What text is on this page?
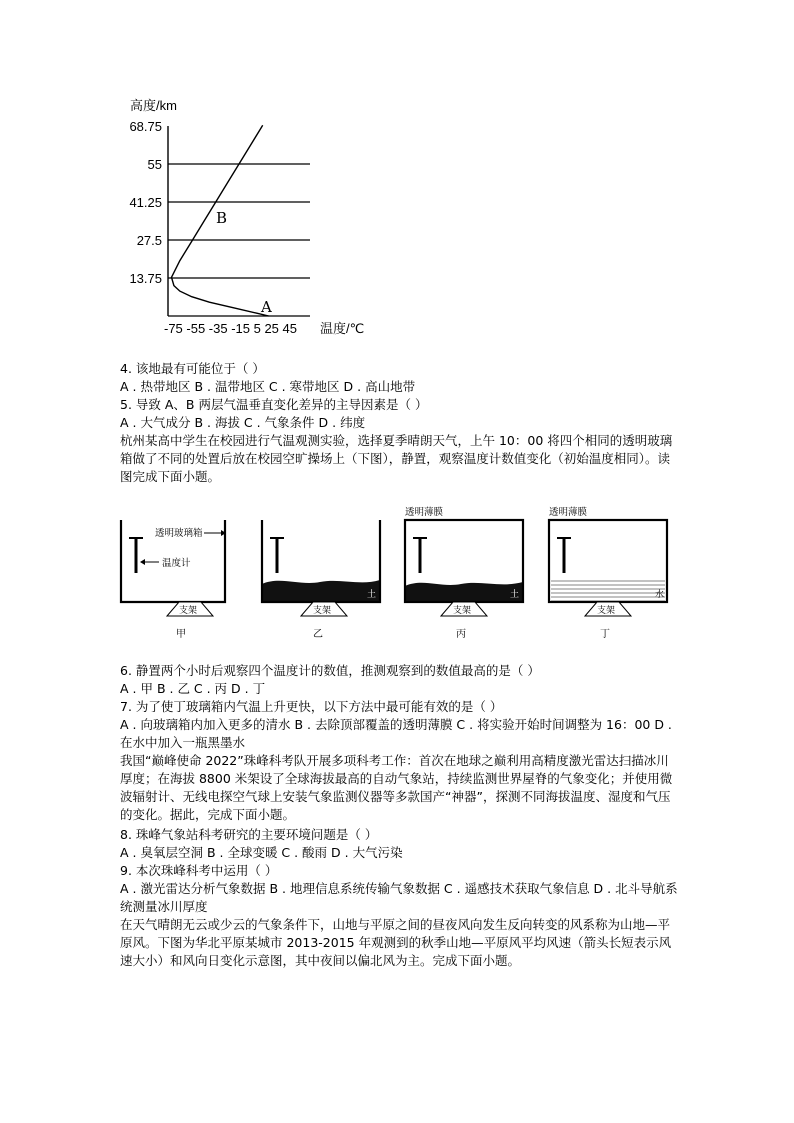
高度/km
68.75
55
41.25
27.5
13.75
B
A
-75 -55 -35 -15 5 25 45 温度/℃
4. 该地最有可能位于（ ）
A . 热带地区 B . 温带地区 C . 寒带地区 D . 高山地带
5. 导致 A、B 两层气温垂直变化差异的主导因素是（ ）
A . 大气成分 B . 海拔 C . 气象条件 D . 纬度
杭州某高中学生在校园进行气温观测实验，选择夏季晴朗天气，上午 10：00 将四个相同的透明玻璃箱做了不同的处置后放在校园空旷操场上（下图），静置，观察温度计数值变化（初始温度相同）。读图完成下面小题。
透明玻璃箱
温度计
支架
甲
土
支架
乙
透明薄膜
土
支架
丙
透明薄膜
水
支架
丁
6. 静置两个小时后观察四个温度计的数值，推测观察到的数值最高的是（ ）
A . 甲 B . 乙 C . 丙 D . 丁
7. 为了使丁玻璃箱内气温上升更快，以下方法中最可能有效的是（ ）
A . 向玻璃箱内加入更多的清水 B . 去除顶部覆盖的透明薄膜 C . 将实验开始时间调整为 16：00 D . 在水中加入一瓶黑墨水
我国“巅峰使命 2022”珠峰科考队开展多项科考工作：首次在地球之巅利用高精度激光雷达扫描冰川厚度；在海拔 8800 米架设了全球海拔最高的自动气象站，持续监测世界屋脊的气象变化；并使用微波辐射计、无线电探空气球上安装气象监测仪器等多款国产“神器”，探测不同海拔温度、湿度和气压的变化。据此，完成下面小题。
8. 珠峰气象站科考研究的主要环境问题是（ ）
A . 臭氧层空洞 B . 全球变暖 C . 酸雨 D . 大气污染
9. 本次珠峰科考中运用（ ）
A . 激光雷达分析气象数据 B . 地理信息系统传输气象数据 C . 遥感技术获取气象信息 D . 北斗导航系统测量冰川厚度
在天气晴朗无云或少云的气象条件下，山地与平原之间的昼夜风向发生反向转变的风系称为山地—平原风。下图为华北平原某城市 2013-2015 年观测到的秋季山地—平原风平均风速（箭头长短表示风速大小）和风向日变化示意图，其中夜间以偏北风为主。完成下面小题。
